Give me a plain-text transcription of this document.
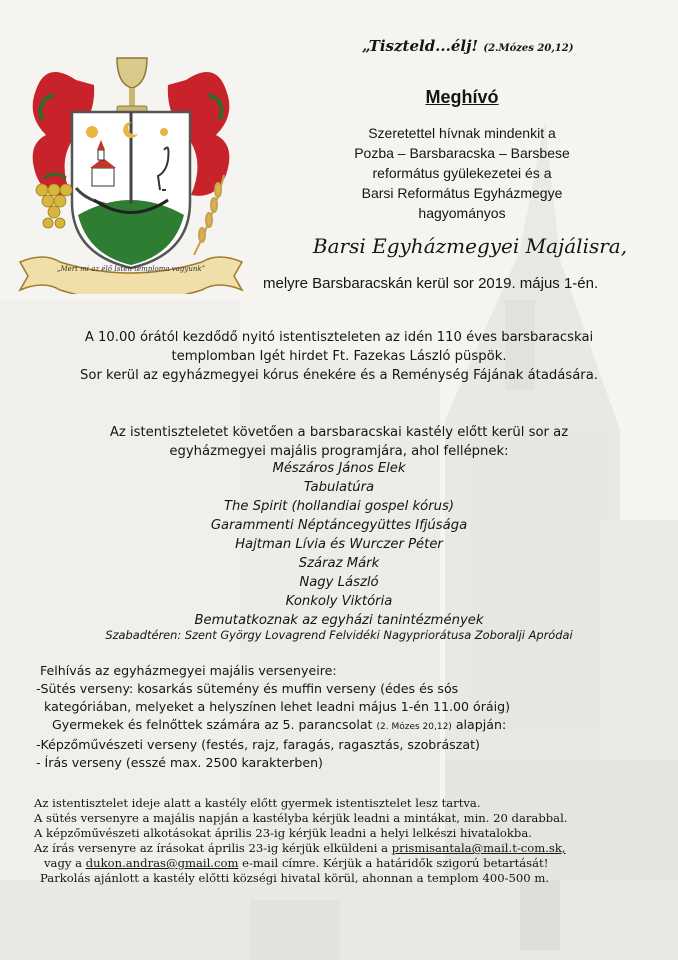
„Mert mi az élő Isten temploma vagyunk”
„Tiszteld...élj! (2.Mózes 20,12)
Meghívó
Szeretettel hívnak mindenkit a
Pozba – Barsbaracska – Barsbese
református gyülekezetei és a
Barsi Református Egyházmegye
hagyományos
Barsi Egyházmegyei Majálisra,
melyre Barsbaracskán kerül sor 2019. május 1-én.
A 10.00 órától kezdődő nyitó istentiszteleten az idén 110 éves barsbaracskai
templomban Igét hirdet Ft. Fazekas László püspök.
Sor kerül az egyházmegyei kórus énekére és a Reménység Fájának átadására.
Az istentiszteletet követően a barsbaracskai kastély előtt kerül sor az
egyházmegyei majális programjára, ahol fellépnek:
Mészáros János Elek
Tabulatúra
The Spirit (hollandiai gospel kórus)
Garammenti Néptáncegyüttes Ifjúsága
Hajtman Lívia és Wurczer Péter
Száraz Márk
Nagy László
Konkoly Viktória
Bemutatkoznak az egyházi tanintézmények
Szabadtéren: Szent György Lovagrend Felvidéki Nagypriorátusa Zoboralji Apródai
Felhívás az egyházmegyei majális versenyeire:
-Sütés verseny: kosarkás sütemény és muffin verseny (édes és sós
kategóriában, melyeket a helyszínen lehet leadni május 1-én 11.00 óráig)
Gyermekek és felnőttek számára az 5. parancsolat (2. Mózes 20,12) alapján:
-Képzőművészeti verseny (festés, rajz, faragás, ragasztás, szobrászat)
- Írás verseny (esszé max. 2500 karakterben)
Az istentisztelet ideje alatt a kastély előtt gyermek istentisztelet lesz tartva.
A sütés versenyre a majális napján a kastélyba kérjük leadni a mintákat, min. 20 darabbal.
A képzőművészeti alkotásokat április 23-ig kérjük leadni a helyi lelkészi hivatalokba.
Az írás versenyre az írásokat április 23-ig kérjük elküldeni a prismisantala@mail.t-com.sk,
vagy a dukon.andras@gmail.com e-mail címre. Kérjük a határidők szigorú betartását!
Parkolás ajánlott a kastély előtti községi hivatal körül, ahonnan a templom 400-500 m.
